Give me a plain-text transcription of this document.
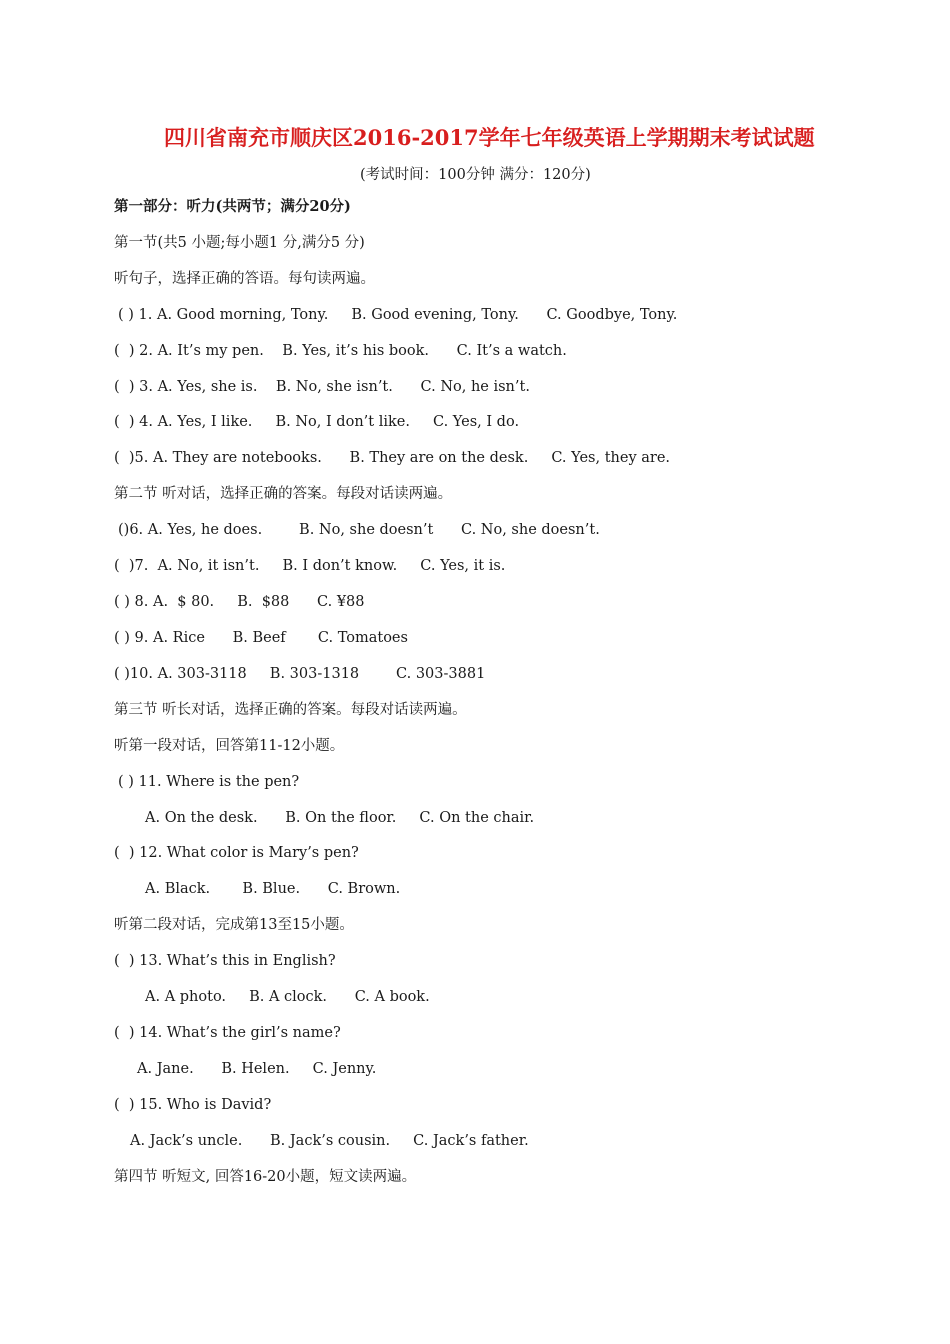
四川省南充市顺庆区2016-2017学年七年级英语上学期期末考试试题
(考试时间：100分钟 满分：120分)
第一部分：听力(共两节；满分20分)
第一节(共5 小题;每小题1 分,满分5 分)
听句子，选择正确的答语。每句读两遍。
( ) 1. A. Good morning, Tony.     B. Good evening, Tony.      C. Goodbye, Tony.
(  ) 2. A. It’s my pen.    B. Yes, it’s his book.      C. It’s a watch.
(  ) 3. A. Yes, she is.    B. No, she isn’t.      C. No, he isn’t.
(  ) 4. A. Yes, I like.     B. No, I don’t like.     C. Yes, I do.
(  )5. A. They are notebooks.      B. They are on the desk.     C. Yes, they are.
第二节 听对话，选择正确的答案。每段对话读两遍。
()6. A. Yes, he does.        B. No, she doesn’t      C. No, she doesn’t.
(  )7.  A. No, it isn’t.     B. I don’t know.     C. Yes, it is.
( ) 8. A.  $ 80.     B.  $88      C. ¥88
( ) 9. A. Rice      B. Beef       C. Tomatoes
( )10. A. 303-3118     B. 303-1318        C. 303-3881
第三节 听长对话，选择正确的答案。每段对话读两遍。
听第一段对话，回答第11-12小题。
( ) 11. Where is the pen?
A. On the desk.      B. On the floor.     C. On the chair.
(  ) 12. What color is Mary’s pen?
A. Black.       B. Blue.      C. Brown.
听第二段对话，完成第13至15小题。
(  ) 13. What’s this in English?
A. A photo.     B. A clock.      C. A book.
(  ) 14. What’s the girl’s name?
A. Jane.      B. Helen.     C. Jenny.
(  ) 15. Who is David?
A. Jack’s uncle.      B. Jack’s cousin.     C. Jack’s father.
第四节 听短文, 回答16-20小题，短文读两遍。
